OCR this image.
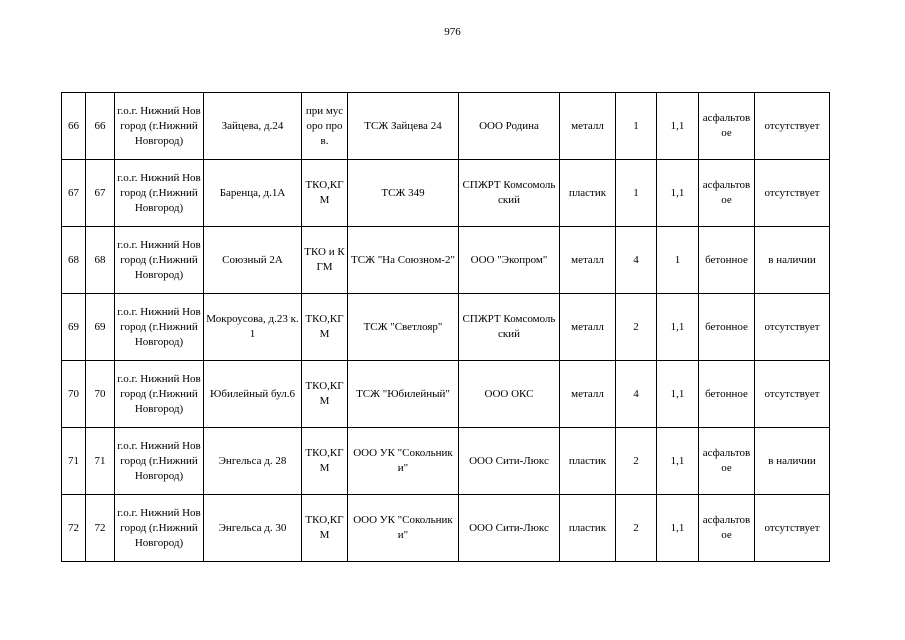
976
66	66	г.о.г. Нижний Новгород (г.Нижний Новгород)	Зайцева, д.24	при мусоро пров.	ТСЖ Зайцева 24	ООО Родина	металл	1	1,1	асфальтов ое	отсутствует
67	67	г.о.г. Нижний Новгород (г.Нижний Новгород)	Баренца, д.1А	ТКО,КГ М	ТСЖ 349	СПЖРТ Комсомольский	пластик	1	1,1	асфальтов ое	отсутствует
68	68	г.о.г. Нижний Новгород (г.Нижний Новгород)	Союзный 2А	ТКО и КГМ	ТСЖ "На Союзном-2"	ООО "Экопром"	металл	4	1	бетонное	в наличии
69	69	г.о.г. Нижний Новгород (г.Нижний Новгород)	Мокроусова, д.23 к.1	ТКО,КГ М	ТСЖ "Светлояр"	СПЖРТ Комсомольский	металл	2	1,1	бетонное	отсутствует
70	70	г.о.г. Нижний Новгород (г.Нижний Новгород)	Юбилейный бул.6	ТКО,КГ М	ТСЖ "Юбилейный"	ООО ОКС	металл	4	1,1	бетонное	отсутствует
71	71	г.о.г. Нижний Новгород (г.Нижний Новгород)	Энгельса д. 28	ТКО,КГ М	ООО УК "Сокольники"	ООО Сити-Люкс	пластик	2	1,1	асфальтов ое	в наличии
72	72	г.о.г. Нижний Новгород (г.Нижний Новгород)	Энгельса д. 30	ТКО,КГ М	ООО УК "Сокольники"	ООО Сити-Люкс	пластик	2	1,1	асфальтов ое	отсутствует
